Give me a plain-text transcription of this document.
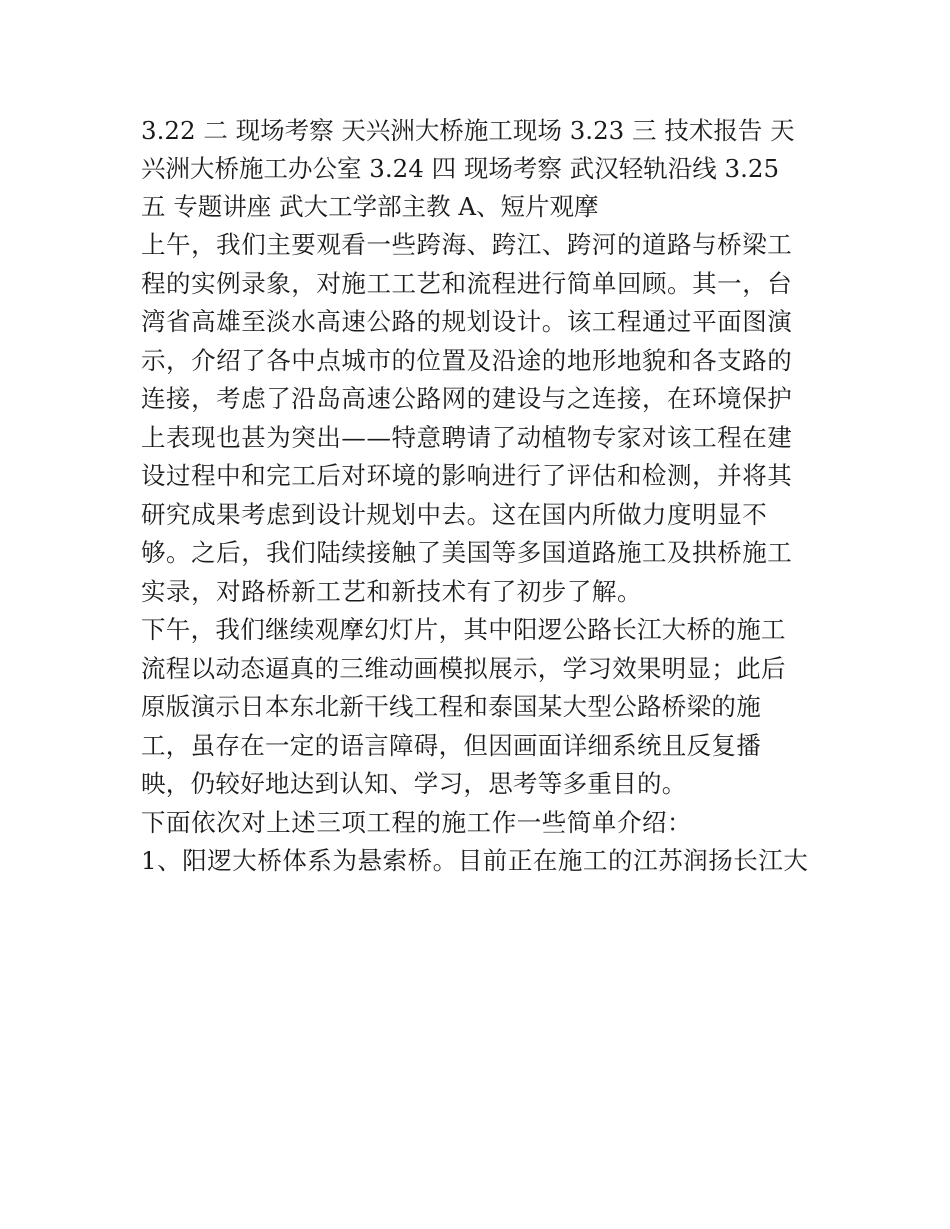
3.22 二 现场考察 天兴洲大桥施工现场 3.23 三 技术报告 天兴洲大桥施工办公室 3.24 四 现场考察 武汉轻轨沿线 3.25 五 专题讲座 武大工学部主教 A、短片观摩

上午，我们主要观看一些跨海、跨江、跨河的道路与桥梁工程的实例录象，对施工工艺和流程进行简单回顾。其一，台湾省高雄至淡水高速公路的规划设计。该工程通过平面图演示，介绍了各中点城市的位置及沿途的地形地貌和各支路的连接，考虑了沿岛高速公路网的建设与之连接，在环境保护上表现也甚为突出——特意聘请了动植物专家对该工程在建设过程中和完工后对环境的影响进行了评估和检测，并将其研究成果考虑到设计规划中去。这在国内所做力度明显不够。之后，我们陆续接触了美国等多国道路施工及拱桥施工实录，对路桥新工艺和新技术有了初步了解。

下午，我们继续观摩幻灯片，其中阳逻公路长江大桥的施工流程以动态逼真的三维动画模拟展示，学习效果明显；此后原版演示日本东北新干线工程和泰国某大型公路桥梁的施工，虽存在一定的语言障碍，但因画面详细系统且反复播映，仍较好地达到认知、学习，思考等多重目的。

下面依次对上述三项工程的施工作一些简单介绍：

1、阳逻大桥体系为悬索桥。目前正在施工的江苏润扬长江大
